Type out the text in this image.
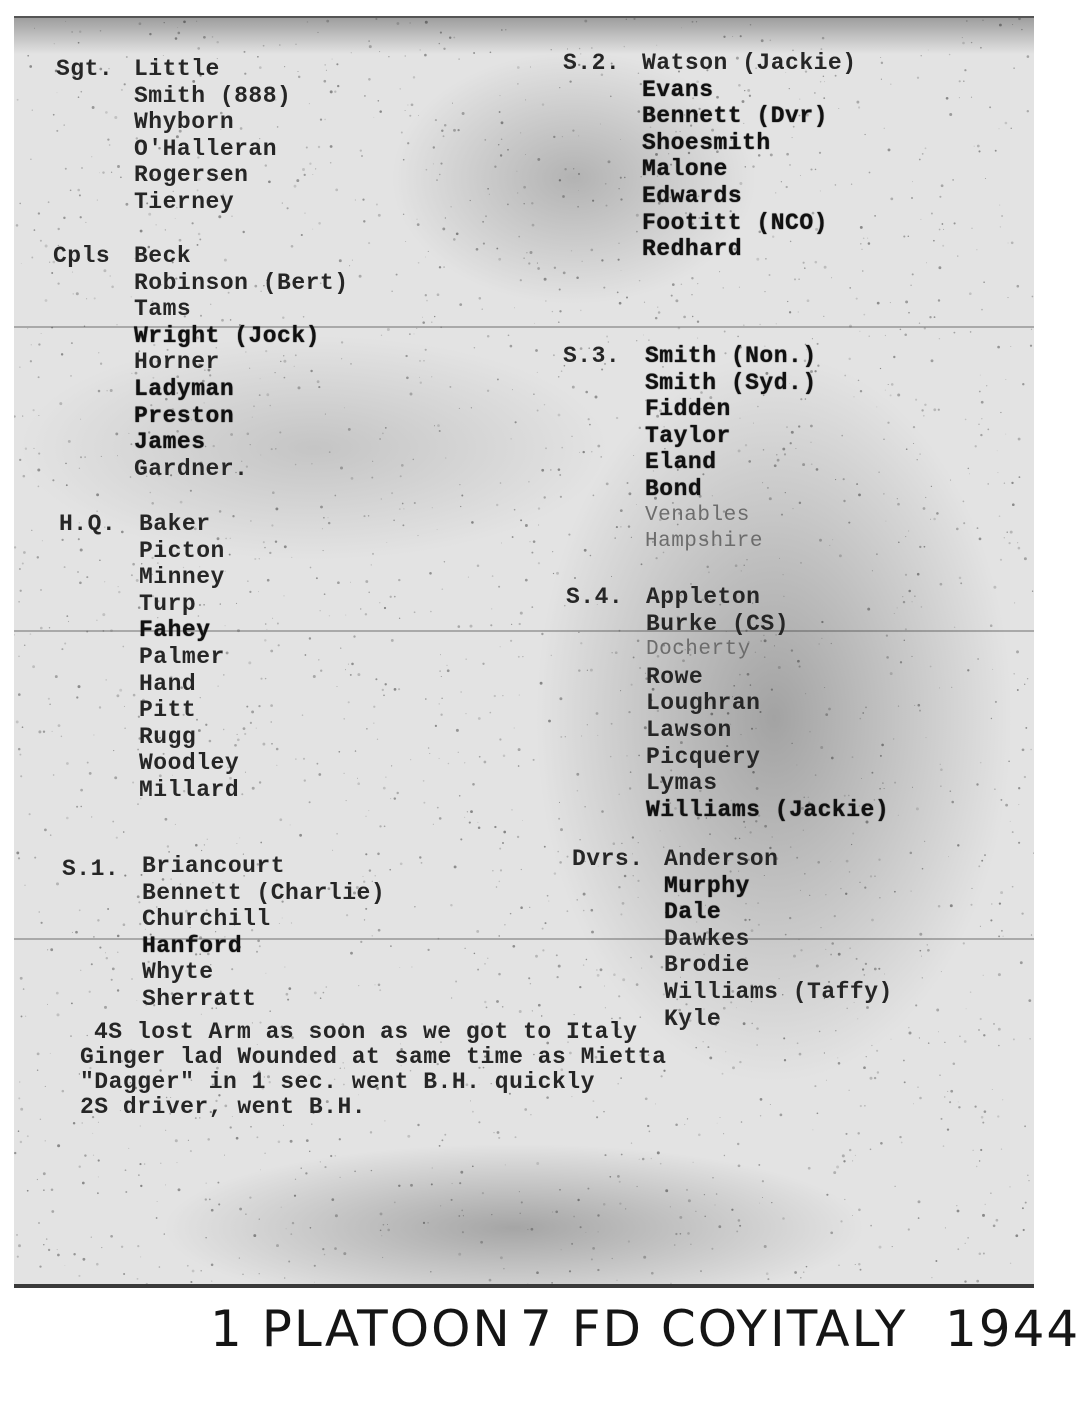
Sgt. Little
Smith (888)
Whyborn
O'Halleran
Rogersen
Tierney
Cpls Beck
Robinson (Bert)
Tams
Wright (Jock)
Horner
Ladyman
Preston
James
Gardner.
H.Q. Baker
Picton
Minney
Turp
Fahey
Palmer
Hand
Pitt
Rugg
Woodley
Millard
S.1. Briancourt
Bennett (Charlie)
Churchill
Hanford
Whyte
Sherratt
S.2. Watson (Jackie)
Evans
Bennett (Dvr)
Shoesmith
Malone
Edwards
Footitt (NCO)
Redhard
S.3. Smith (Non.)
Smith (Syd.)
Fidden
Taylor
Eland
Bond
Venables
Hampshire
S.4. Appleton
Burke (CS)
Docherty
Rowe
Loughran
Lawson
Picquery
Lymas
Williams (Jackie)
Dvrs. Anderson
Murphy
Dale
Dawkes
Brodie
Williams (Taffy)
Kyle
4S lost Arm as soon as we got to Italy
Ginger lad Wounded at same time as Mietta
"Dagger" in 1 sec. went B.H. quickly
2S driver, went B.H.
1 PLATOON 7 FD COY ITALY 1944
